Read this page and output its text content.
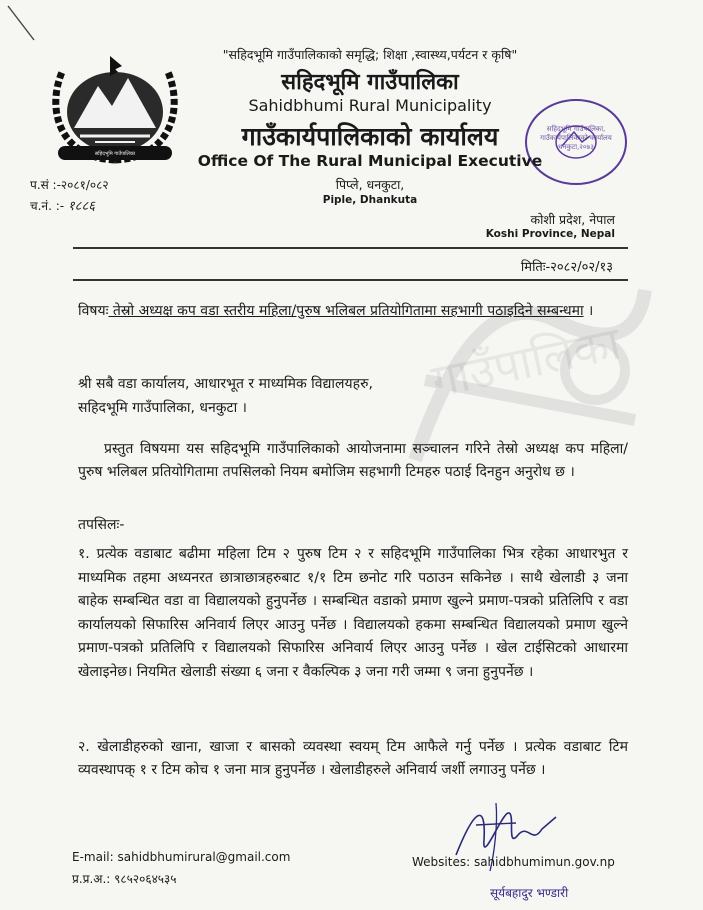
सहिदभूमि गाउँपालिका
सहिदभूमि गाउँपालिका, गाउँकार्यपालिकाको कार्यालय धनकुटा,२०७३
"सहिदभूमि गाउँपालिकाको समृद्धि; शिक्षा ,स्वास्थ्य,पर्यटन र कृषि"
सहिदभूमि गाउँपालिका
Sahidbhumi Rural Municipality
गाउँकार्यपालिकाको कार्यालय
Office Of The Rural Municipal Executive
पिप्ले, धनकुटा,
Piple, Dhankuta
प.सं :-२०८१/०८२
च.नं. :- १८८६
कोशी प्रदेश, नेपाल
Koshi Province, Nepal
मितिः-२०८२/०२/१३
विषयः तेस्रो अध्यक्ष कप वडा स्तरीय महिला/पुरुष भलिबल प्रतियोगितामा सहभागी पठाइदिने सम्बन्धमा ।
श्री सबै वडा कार्यालय, आधारभूत र माध्यमिक विद्यालयहरु,
सहिदभूमि गाउँपालिका, धनकुटा ।
प्रस्तुत विषयमा यस सहिदभूमि गाउँपालिकाको आयोजनामा सञ्चालन गरिने तेस्रो अध्यक्ष कप महिला/पुरुष भलिबल प्रतियोगितामा तपसिलको नियम बमोजिम सहभागी टिमहरु पठाई दिनहुन अनुरोध छ ।
तपसिलः-
१. प्रत्येक वडाबाट बढीमा महिला टिम २ पुरुष टिम २ र सहिदभूमि गाउँपालिका भित्र रहेका आधारभुत र माध्यमिक तहमा अध्यनरत छात्राछात्रहरुबाट १/१ टिम छनोट गरि पठाउन सकिनेछ । साथै खेलाडी ३ जना बाहेक सम्बन्धित वडा वा विद्यालयको हुनुपर्नेछ । सम्बन्धित वडाको प्रमाण खुल्ने प्रमाण-पत्रको प्रतिलिपि र वडा कार्यालयको सिफारिस अनिवार्य लिएर आउनु पर्नेछ । विद्यालयको हकमा सम्बन्धित विद्यालयको प्रमाण खुल्ने प्रमाण-पत्रको प्रतिलिपि र विद्यालयको सिफारिस अनिवार्य लिएर आउनु पर्नेछ । खेल टाईसिटको आधारमा खेलाइनेछ। नियमित खेलाडी संख्या ६ जना र वैकल्पिक ३ जना गरी जम्मा ९ जना हुनुपर्नेछ ।
२. खेलाडीहरुको खाना, खाजा र बासको व्यवस्था स्वयम् टिम आफैले गर्नु पर्नेछ । प्रत्येक वडाबाट टिम व्यवस्थापक् १ र टिम कोच १ जना मात्र हुनुपर्नेछ । खेलाडीहरुले अनिवार्य जर्शी लगाउनु पर्नेछ ।
E-mail: sahidbhumirural@gmail.com
प्र.प्र.अ.: ९८५२०६४५३५
Websites: sahidbhumimun.gov.np
सूर्यबहादुर भण्डारी
गाउँपालिका
